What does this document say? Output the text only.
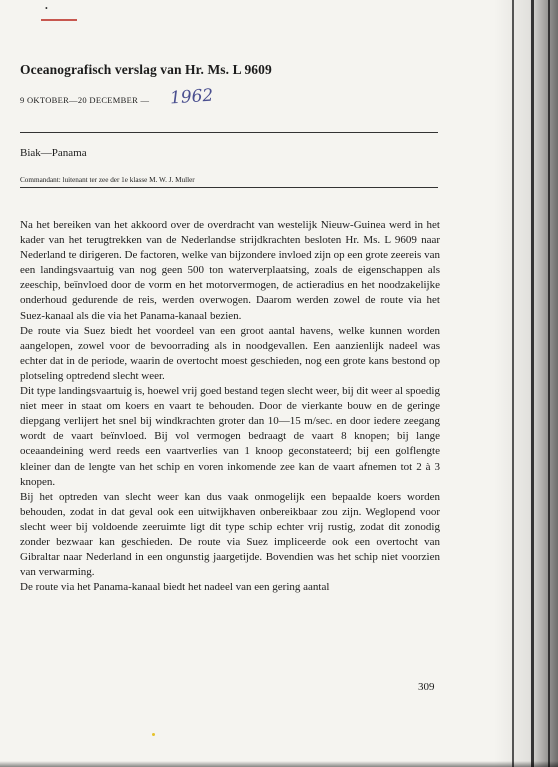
•
Oceanografisch verslag van Hr. Ms. L 9609
9 OKTOBER—20 DECEMBER — 1962
Biak—Panama
Commandant: luitenant ter zee der 1e klasse M. W. J. Muller

Na het bereiken van het akkoord over de overdracht van westelijk Nieuw-Guinea werd in het kader van het terugtrekken van de Nederlandse strijdkrachten besloten Hr. Ms. L 9609 naar Nederland te dirigeren. De factoren, welke van bijzondere invloed zijn op een grote zeereis van een landingsvaartuig van nog geen 500 ton waterverplaatsing, zoals de eigenschappen als zeeschip, beïnvloed door de vorm en het motorvermogen, de actieradius en het noodzakelijke onderhoud gedurende de reis, werden overwogen. Daarom werden zowel de route via het Suez-kanaal als die via het Panama-kanaal bezien.

De route via Suez biedt het voordeel van een groot aantal havens, welke kunnen worden aangelopen, zowel voor de bevoorrading als in noodgevallen. Een aanzienlijk nadeel was echter dat in de periode, waarin de overtocht moest geschieden, nog een grote kans bestond op plotseling optredend slecht weer.

Dit type landingsvaartuig is, hoewel vrij goed bestand tegen slecht weer, bij dit weer al spoedig niet meer in staat om koers en vaart te behouden. Door de vierkante bouw en de geringe diepgang verlijert het snel bij windkrachten groter dan 10—15 m/sec. en door iedere zeegang wordt de vaart beïnvloed. Bij vol vermogen bedraagt de vaart 8 knopen; bij lange oceaandeining werd reeds een vaartverlies van 1 knoop geconstateerd; bij een golflengte kleiner dan de lengte van het schip en voren inkomende zee kan de vaart afnemen tot 2 à 3 knopen.

Bij het optreden van slecht weer kan dus vaak onmogelijk een bepaalde koers worden behouden, zodat in dat geval ook een uitwijkhaven onbereikbaar zou zijn. Weglopend voor slecht weer bij voldoende zeeruimte ligt dit type schip echter vrij rustig, zodat dit zonodig zonder bezwaar kan geschieden. De route via Suez impliceerde ook een overtocht van Gibraltar naar Nederland in een ongunstig jaargetijde. Bovendien was het schip niet voorzien van verwarming.

De route via het Panama-kanaal biedt het nadeel van een gering aantal

309
